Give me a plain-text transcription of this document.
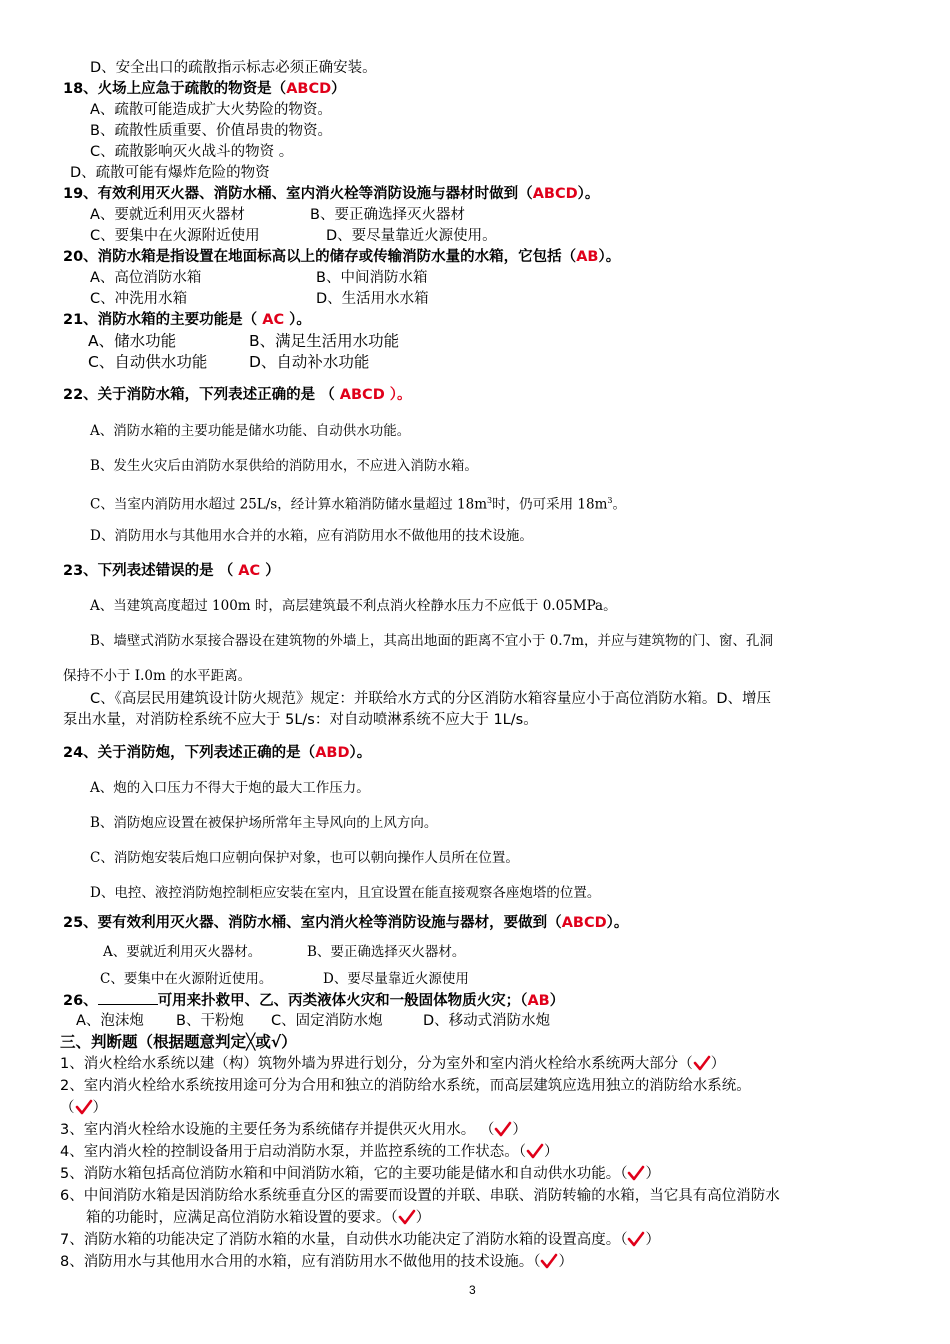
D、安全出口的疏散指示标志必须正确安装。
18、火场上应急于疏散的物资是（ABCD）
A、疏散可能造成扩大火势险的物资。
B、疏散性质重要、价值昂贵的物资。
C、疏散影响灭火战斗的物资 。
D、疏散可能有爆炸危险的物资
19、有效利用灭火器、消防水桶、室内消火栓等消防设施与器材时做到（ABCD）。
A、要就近利用灭火器材	B、要正确选择灭火器材
C、要集中在火源附近使用	D、要尽量靠近火源使用。
20、消防水箱是指设置在地面标高以上的储存或传输消防水量的水箱，它包括（AB）。
A、高位消防水箱	B、中间消防水箱
C、冲洗用水箱	D、生活用水水箱
21、消防水箱的主要功能是（ AC ）。
A、储水功能	B、满足生活用水功能
C、自动供水功能	D、自动补水功能
22、关于消防水箱，下列表述正确的是 （ ABCD ）。
A、消防水箱的主要功能是储水功能、自动供水功能。
B、发生火灾后由消防水泵供给的消防用水，不应进入消防水箱。
C、当室内消防用水超过 25L/s，经计算水箱消防储水量超过 $18m^3$时，仍可采用 $18m^3$。
D、消防用水与其他用水合并的水箱，应有消防用水不做他用的技术设施。
23、下列表述错误的是 （ AC ）
A、当建筑高度超过 100m 时，高层建筑最不利点消火栓静水压力不应低于 0.05MPa。
B、墙壁式消防水泵接合器设在建筑物的外墙上，其高出地面的距离不宜小于 0.7m，并应与建筑物的门、窗、孔洞
保持不小于 I.0m 的水平距离。
C、《高层民用建筑设计防火规范》规定：并联给水方式的分区消防水箱容量应小于高位消防水箱。D、增压
泵出水量，对消防栓系统不应大于 5L/s：对自动喷淋系统不应大于 1L/s。
24、关于消防炮，下列表述正确的是（ABD）。
A、炮的入口压力不得大于炮的最大工作压力。
B、消防炮应设置在被保护场所常年主导风向的上风方向。
C、消防炮安装后炮口应朝向保护对象，也可以朝向操作人员所在位置。
D、电控、液控消防炮控制柜应安装在室内，且宜设置在能直接观察各座炮塔的位置。
25、要有效利用灭火器、消防水桶、室内消火栓等消防设施与器材，要做到（ABCD）。
A、要就近利用灭火器材。	B、要正确选择灭火器材。
C、要集中在火源附近使用。	D、要尽量靠近火源使用
26、	可用来扑救甲、乙、丙类液体火灾和一般固体物质火灾；（AB）
A、泡沫炮 B、干粉炮 C、固定消防水炮	D、移动式消防水炮
三、判断题（根据题意判定╳或√）
1、消火栓给水系统以建（构）筑物外墙为界进行划分，分为室外和室内消火栓给水系统两大部分（ ）
2、室内消火栓给水系统按用途可分为合用和独立的消防给水系统，而高层建筑应选用独立的消防给水系统。
（ ）
3、室内消火栓给水设施的主要任务为系统储存并提供灭火用水。 （ ）
4、室内消火栓的控制设备用于启动消防水泵，并监控系统的工作状态。（ ）
5、消防水箱包括高位消防水箱和中间消防水箱，它的主要功能是储水和自动供水功能。（ ）
6、中间消防水箱是因消防给水系统垂直分区的需要而设置的并联、串联、消防转输的水箱，当它具有高位消防水
箱的功能时，应满足高位消防水箱设置的要求。（ ）
7、消防水箱的功能决定了消防水箱的水量，自动供水功能决定了消防水箱的设置高度。（ ）
8、消防用水与其他用水合用的水箱，应有消防用水不做他用的技术设施。（ ）
3
